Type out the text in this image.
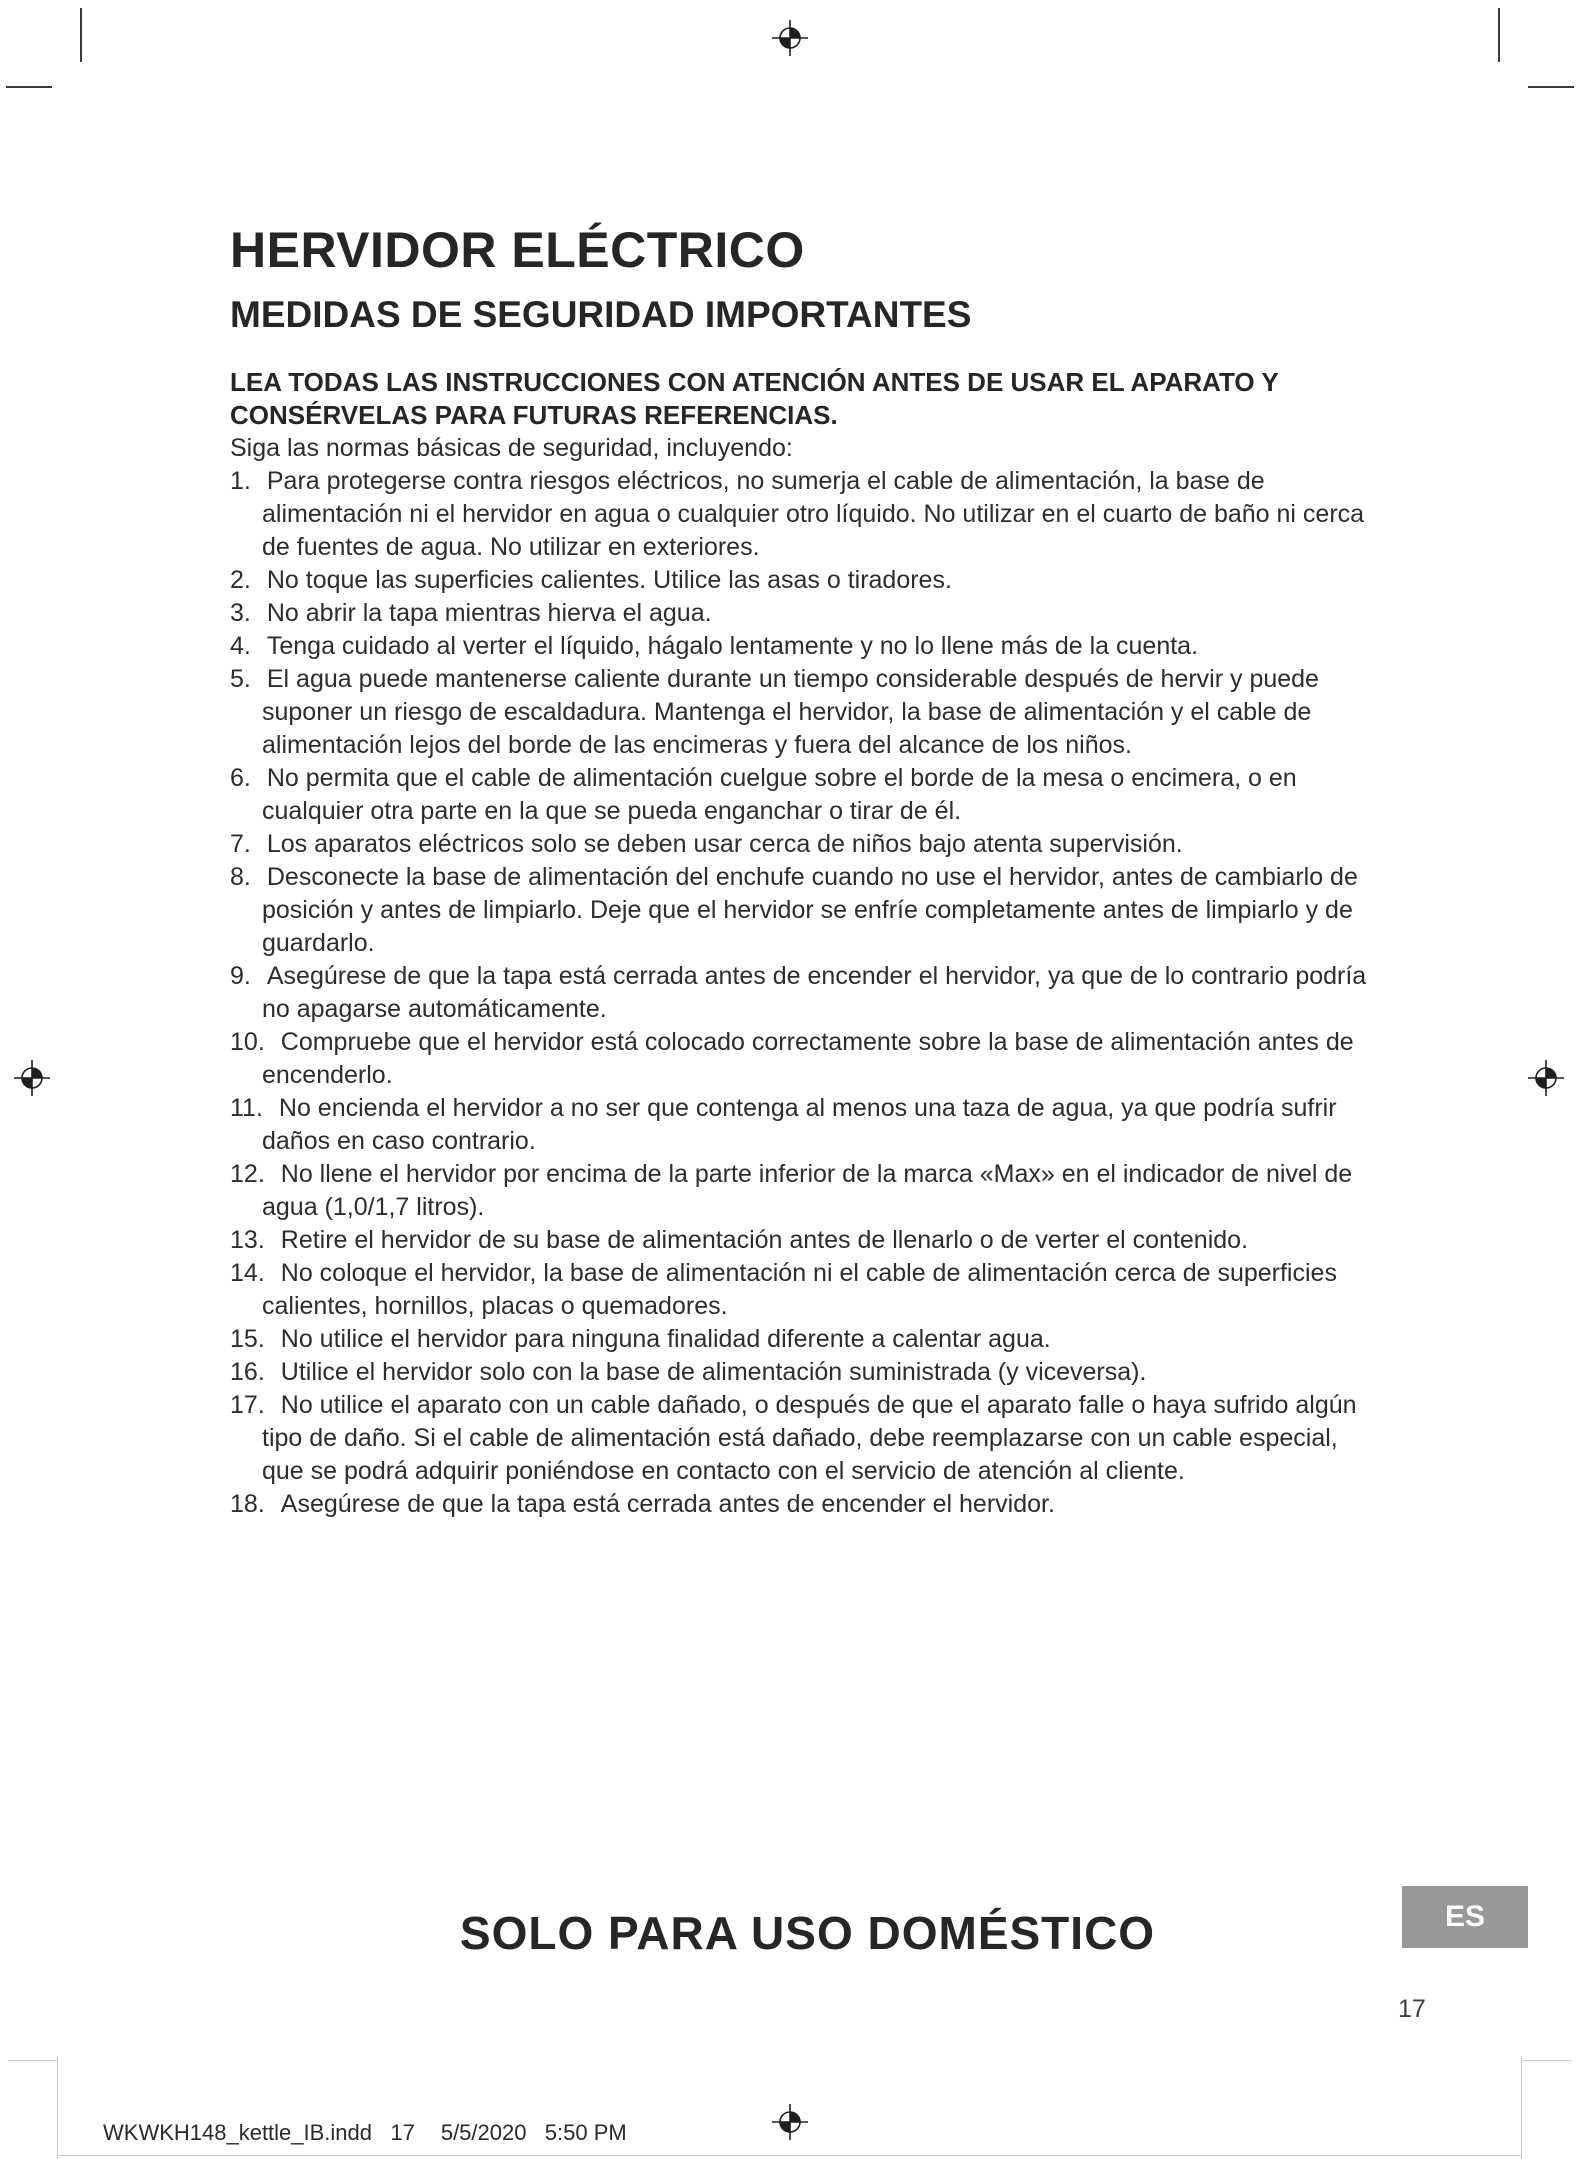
HERVIDOR ELÉCTRICO
MEDIDAS DE SEGURIDAD IMPORTANTES

LEA TODAS LAS INSTRUCCIONES CON ATENCIÓN ANTES DE USAR EL APARATO Y CONSÉRVELAS PARA FUTURAS REFERENCIAS.

Siga las normas básicas de seguridad, incluyendo:

Para protegerse contra riesgos eléctricos, no sumerja el cable de alimentación, la base de alimentación ni el hervidor en agua o cualquier otro líquido. No utilizar en el cuarto de baño ni cerca de fuentes de agua. No utilizar en exteriores.
No toque las superficies calientes. Utilice las asas o tiradores.
No abrir la tapa mientras hierva el agua.
Tenga cuidado al verter el líquido, hágalo lentamente y no lo llene más de la cuenta.
El agua puede mantenerse caliente durante un tiempo considerable después de hervir y puede suponer un riesgo de escaldadura. Mantenga el hervidor, la base de alimentación y el cable de alimentación lejos del borde de las encimeras y fuera del alcance de los niños.
No permita que el cable de alimentación cuelgue sobre el borde de la mesa o encimera, o en cualquier otra parte en la que se pueda enganchar o tirar de él.
Los aparatos eléctricos solo se deben usar cerca de niños bajo atenta supervisión.
Desconecte la base de alimentación del enchufe cuando no use el hervidor, antes de cambiarlo de posición y antes de limpiarlo. Deje que el hervidor se enfríe completamente antes de limpiarlo y de guardarlo.
Asegúrese de que la tapa está cerrada antes de encender el hervidor, ya que de lo contrario podría no apagarse automáticamente.
Compruebe que el hervidor está colocado correctamente sobre la base de alimentación antes de encenderlo.
No encienda el hervidor a no ser que contenga al menos una taza de agua, ya que podría sufrir daños en caso contrario.
No llene el hervidor por encima de la parte inferior de la marca «Max» en el indicador de nivel de agua (1,0/1,7 litros).
Retire el hervidor de su base de alimentación antes de llenarlo o de verter el contenido.
No coloque el hervidor, la base de alimentación ni el cable de alimentación cerca de superficies calientes, hornillos, placas o quemadores.
No utilice el hervidor para ninguna finalidad diferente a calentar agua.
Utilice el hervidor solo con la base de alimentación suministrada (y viceversa).
No utilice el aparato con un cable dañado, o después de que el aparato falle o haya sufrido algún tipo de daño. Si el cable de alimentación está dañado, debe reemplazarse con un cable especial, que se podrá adquirir poniéndose en contacto con el servicio de atención al cliente.
Asegúrese de que la tapa está cerrada antes de encender el hervidor.
SOLO PARA USO DOMÉSTICO	ES
17
WKWKH148_kettle_IB.indd   17 5/5/2020   5:50 PM
